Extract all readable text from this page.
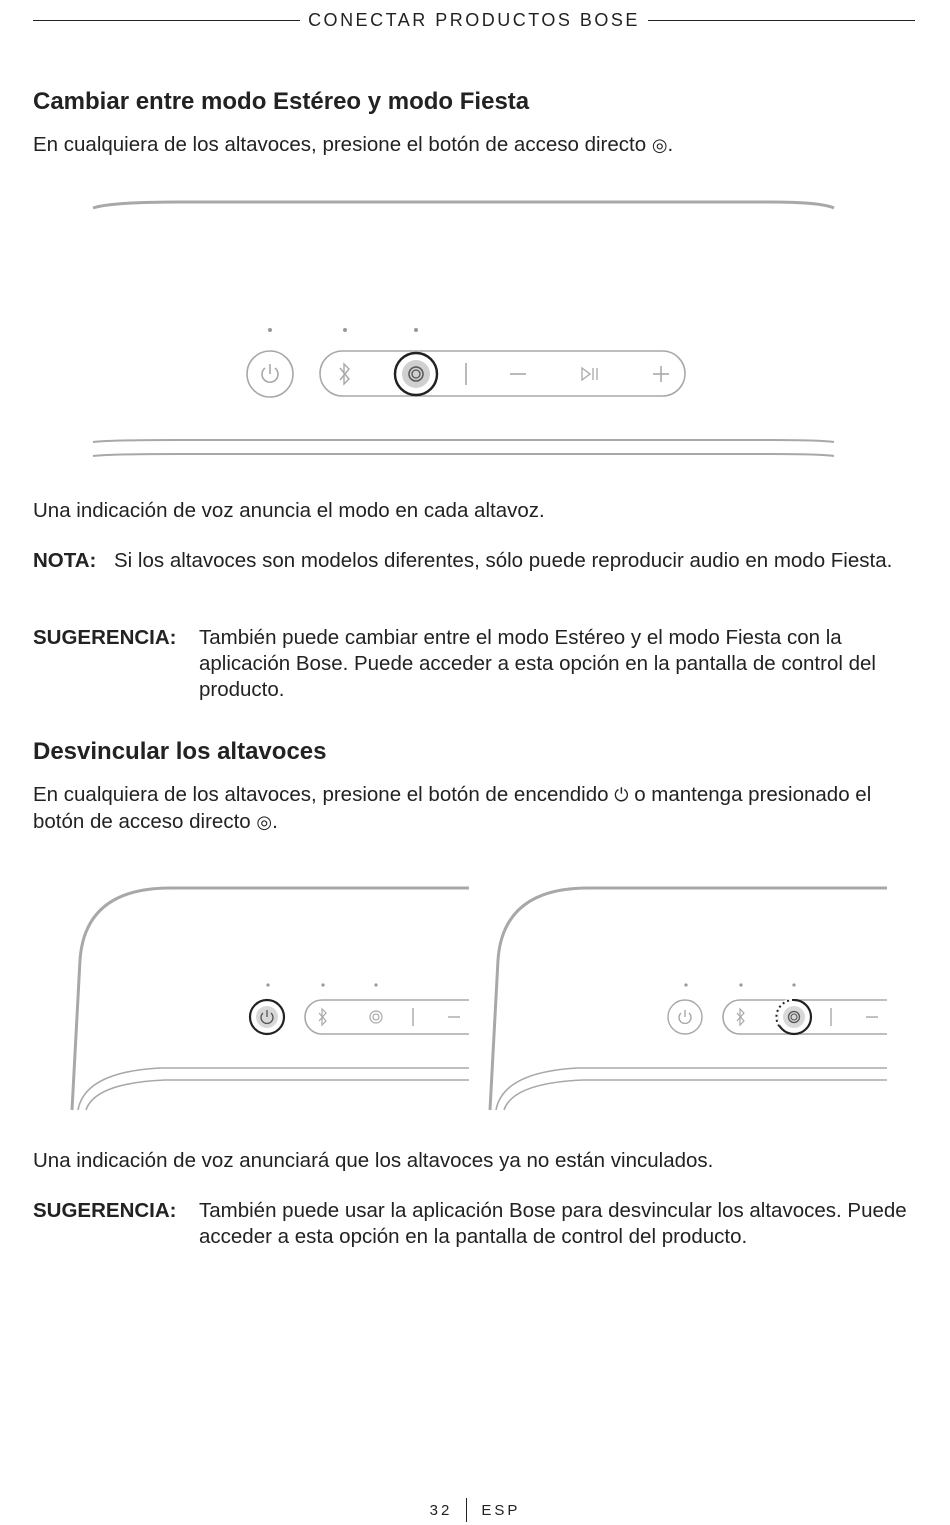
CONECTAR PRODUCTOS BOSE
Cambiar entre modo Estéreo y modo Fiesta

En cualquiera de los altavoces, presione el botón de acceso directo ◎.

Una indicación de voz anuncia el modo en cada altavoz.

NOTA: Si los altavoces son modelos diferentes, sólo puede reproducir audio en modo Fiesta.
SUGERENCIA:	También puede cambiar entre el modo Estéreo y el modo Fiesta con la aplicación Bose. Puede acceder a esta opción en la pantalla de control del producto.
Desvincular los altavoces

En cualquiera de los altavoces, presione el botón de encendido ⏻ o mantenga presionado el botón de acceso directo ◎.

Una indicación de voz anunciará que los altavoces ya no están vinculados.

SUGERENCIA:	También puede usar la aplicación Bose para desvincular los altavoces. Puede acceder a esta opción en la pantalla de control del producto.
32 ESP
